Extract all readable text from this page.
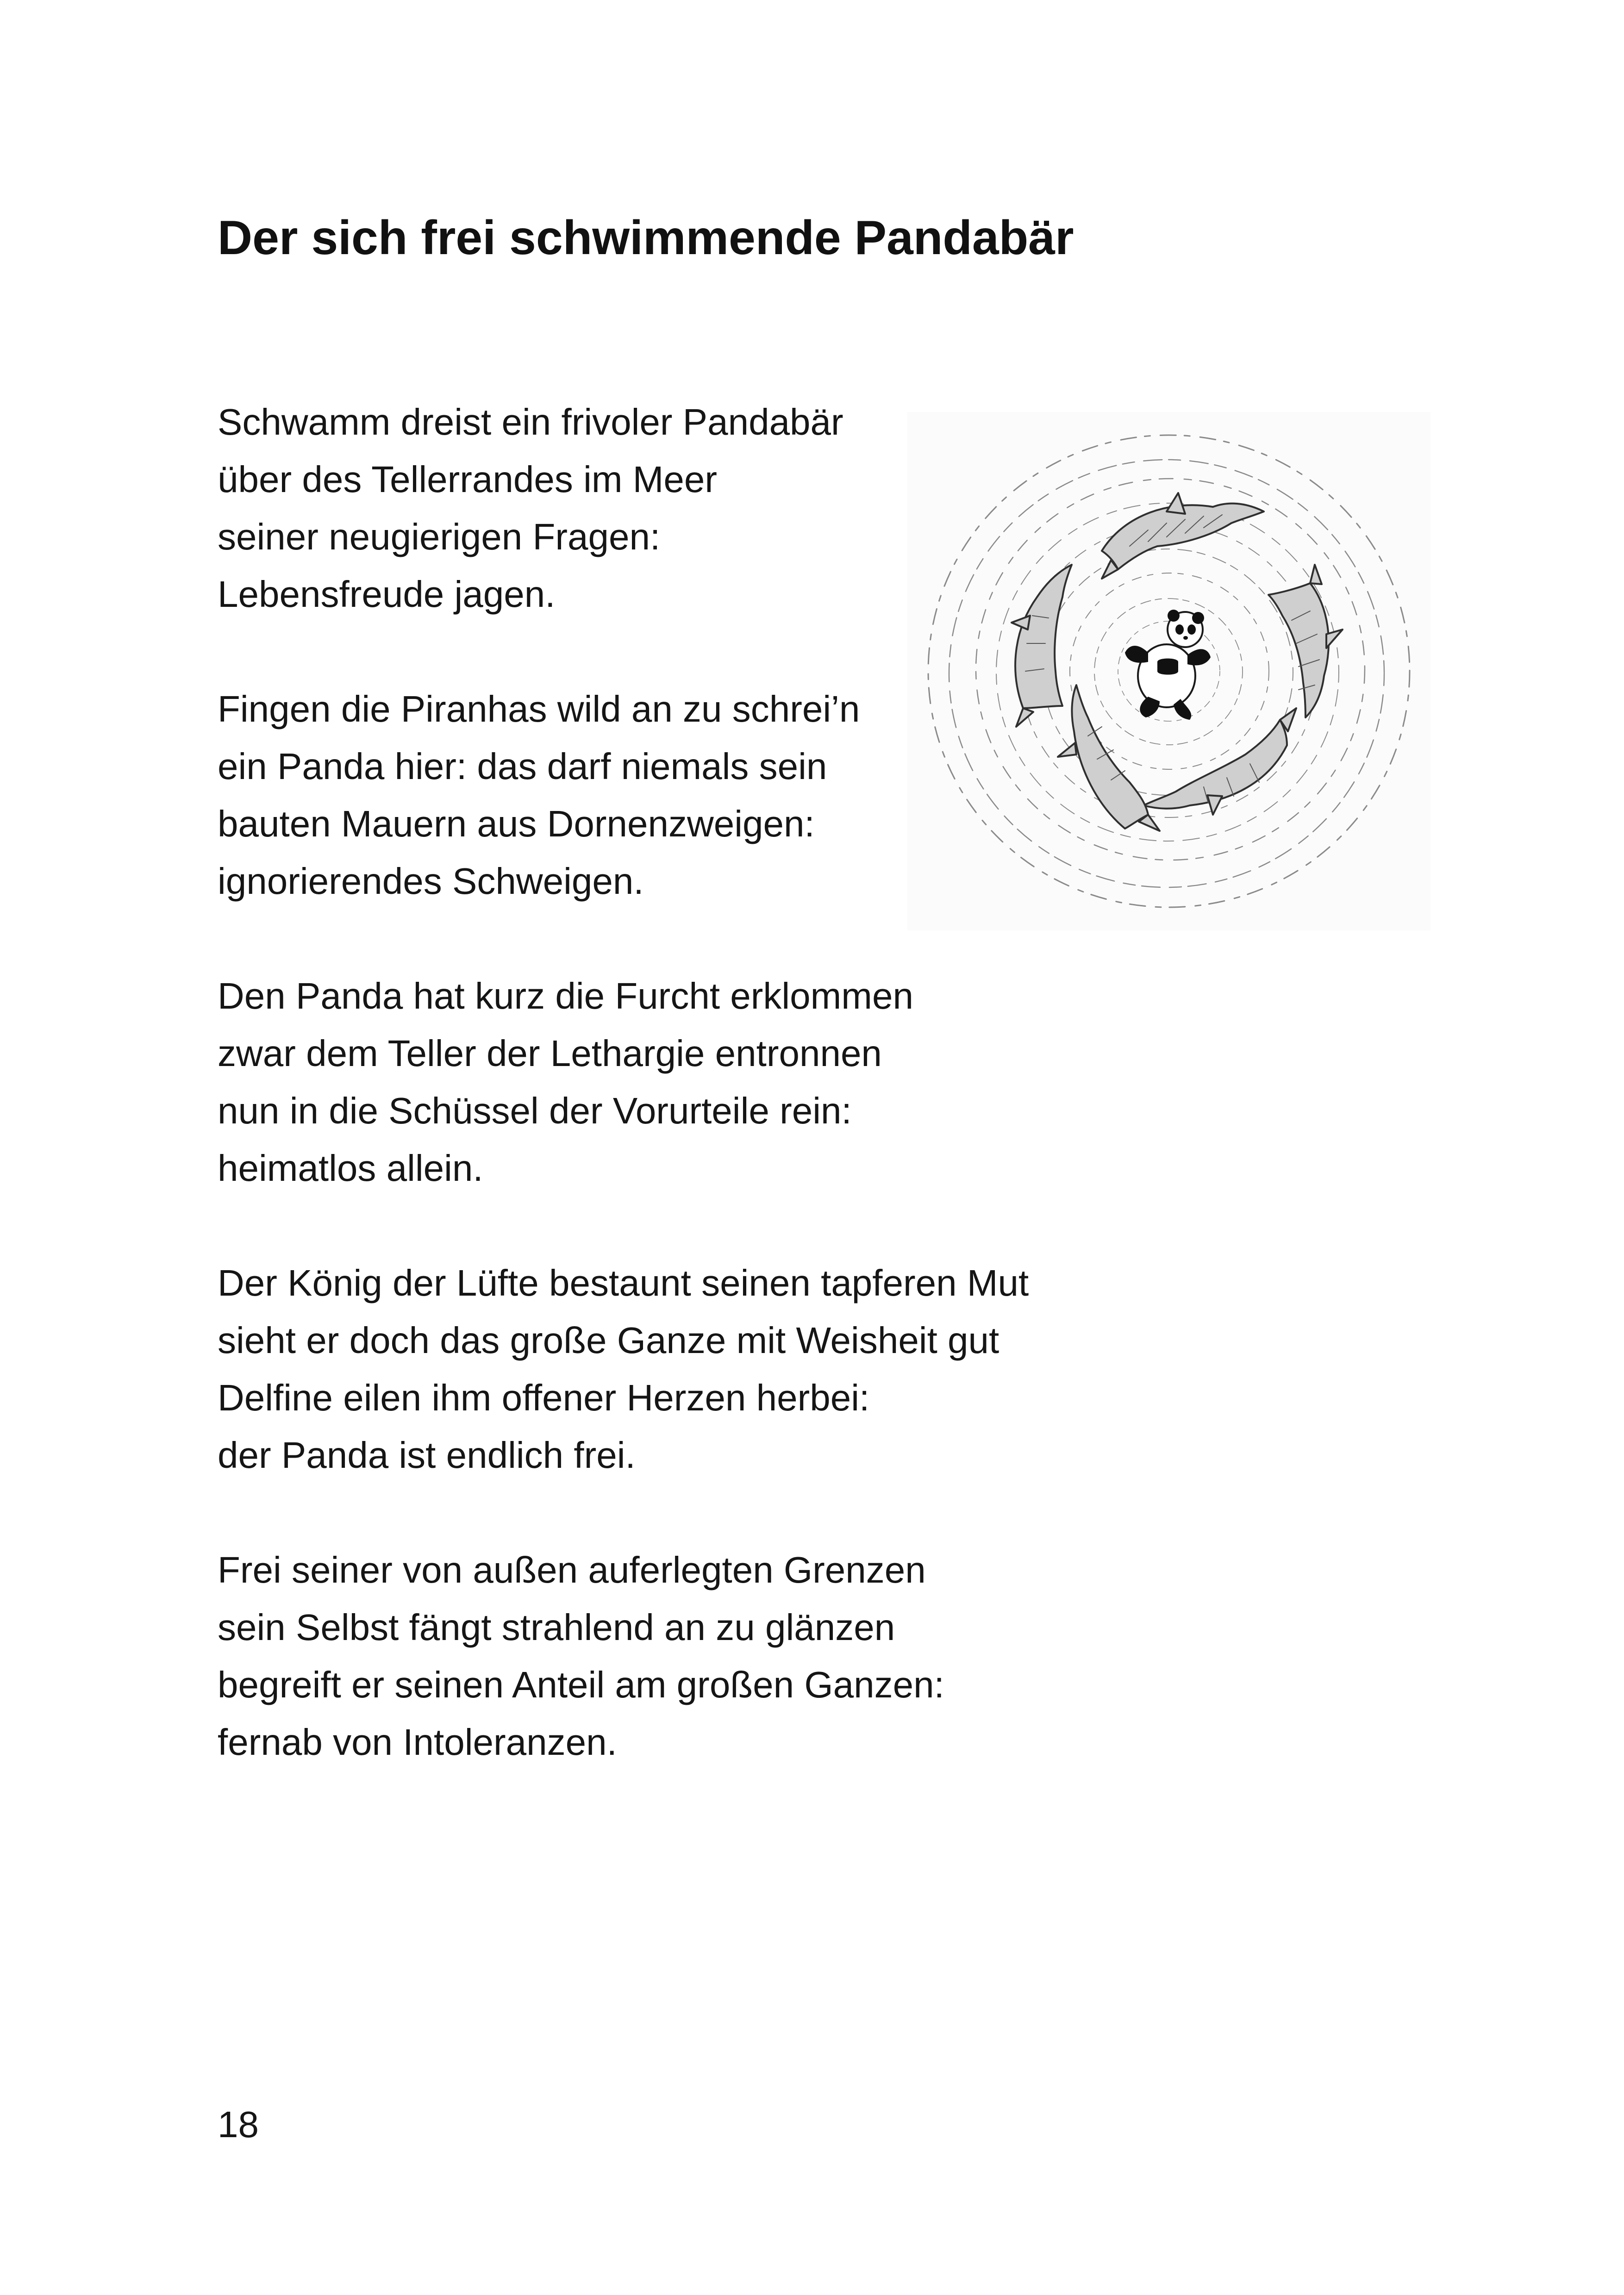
Der sich frei schwimmende Pandabär
Schwamm dreist ein frivoler Pandabär
über des Tellerrandes im Meer
seiner neugierigen Fragen:
Lebensfreude jagen.
Fingen die Piranhas wild an zu schrei’n
ein Panda hier: das darf niemals sein
bauten Mauern aus Dornenzweigen:
ignorierendes Schweigen.
Den Panda hat kurz die Furcht erklommen
zwar dem Teller der Lethargie entronnen
nun in die Schüssel der Vorurteile rein:
heimatlos allein.
Der König der Lüfte bestaunt seinen tapferen Mut
sieht er doch das große Ganze mit Weisheit gut
Delfine eilen ihm offener Herzen herbei:
der Panda ist endlich frei.
Frei seiner von außen auferlegten Grenzen
sein Selbst fängt strahlend an zu glänzen
begreift er seinen Anteil am großen Ganzen:
fernab von Intoleranzen.
18
